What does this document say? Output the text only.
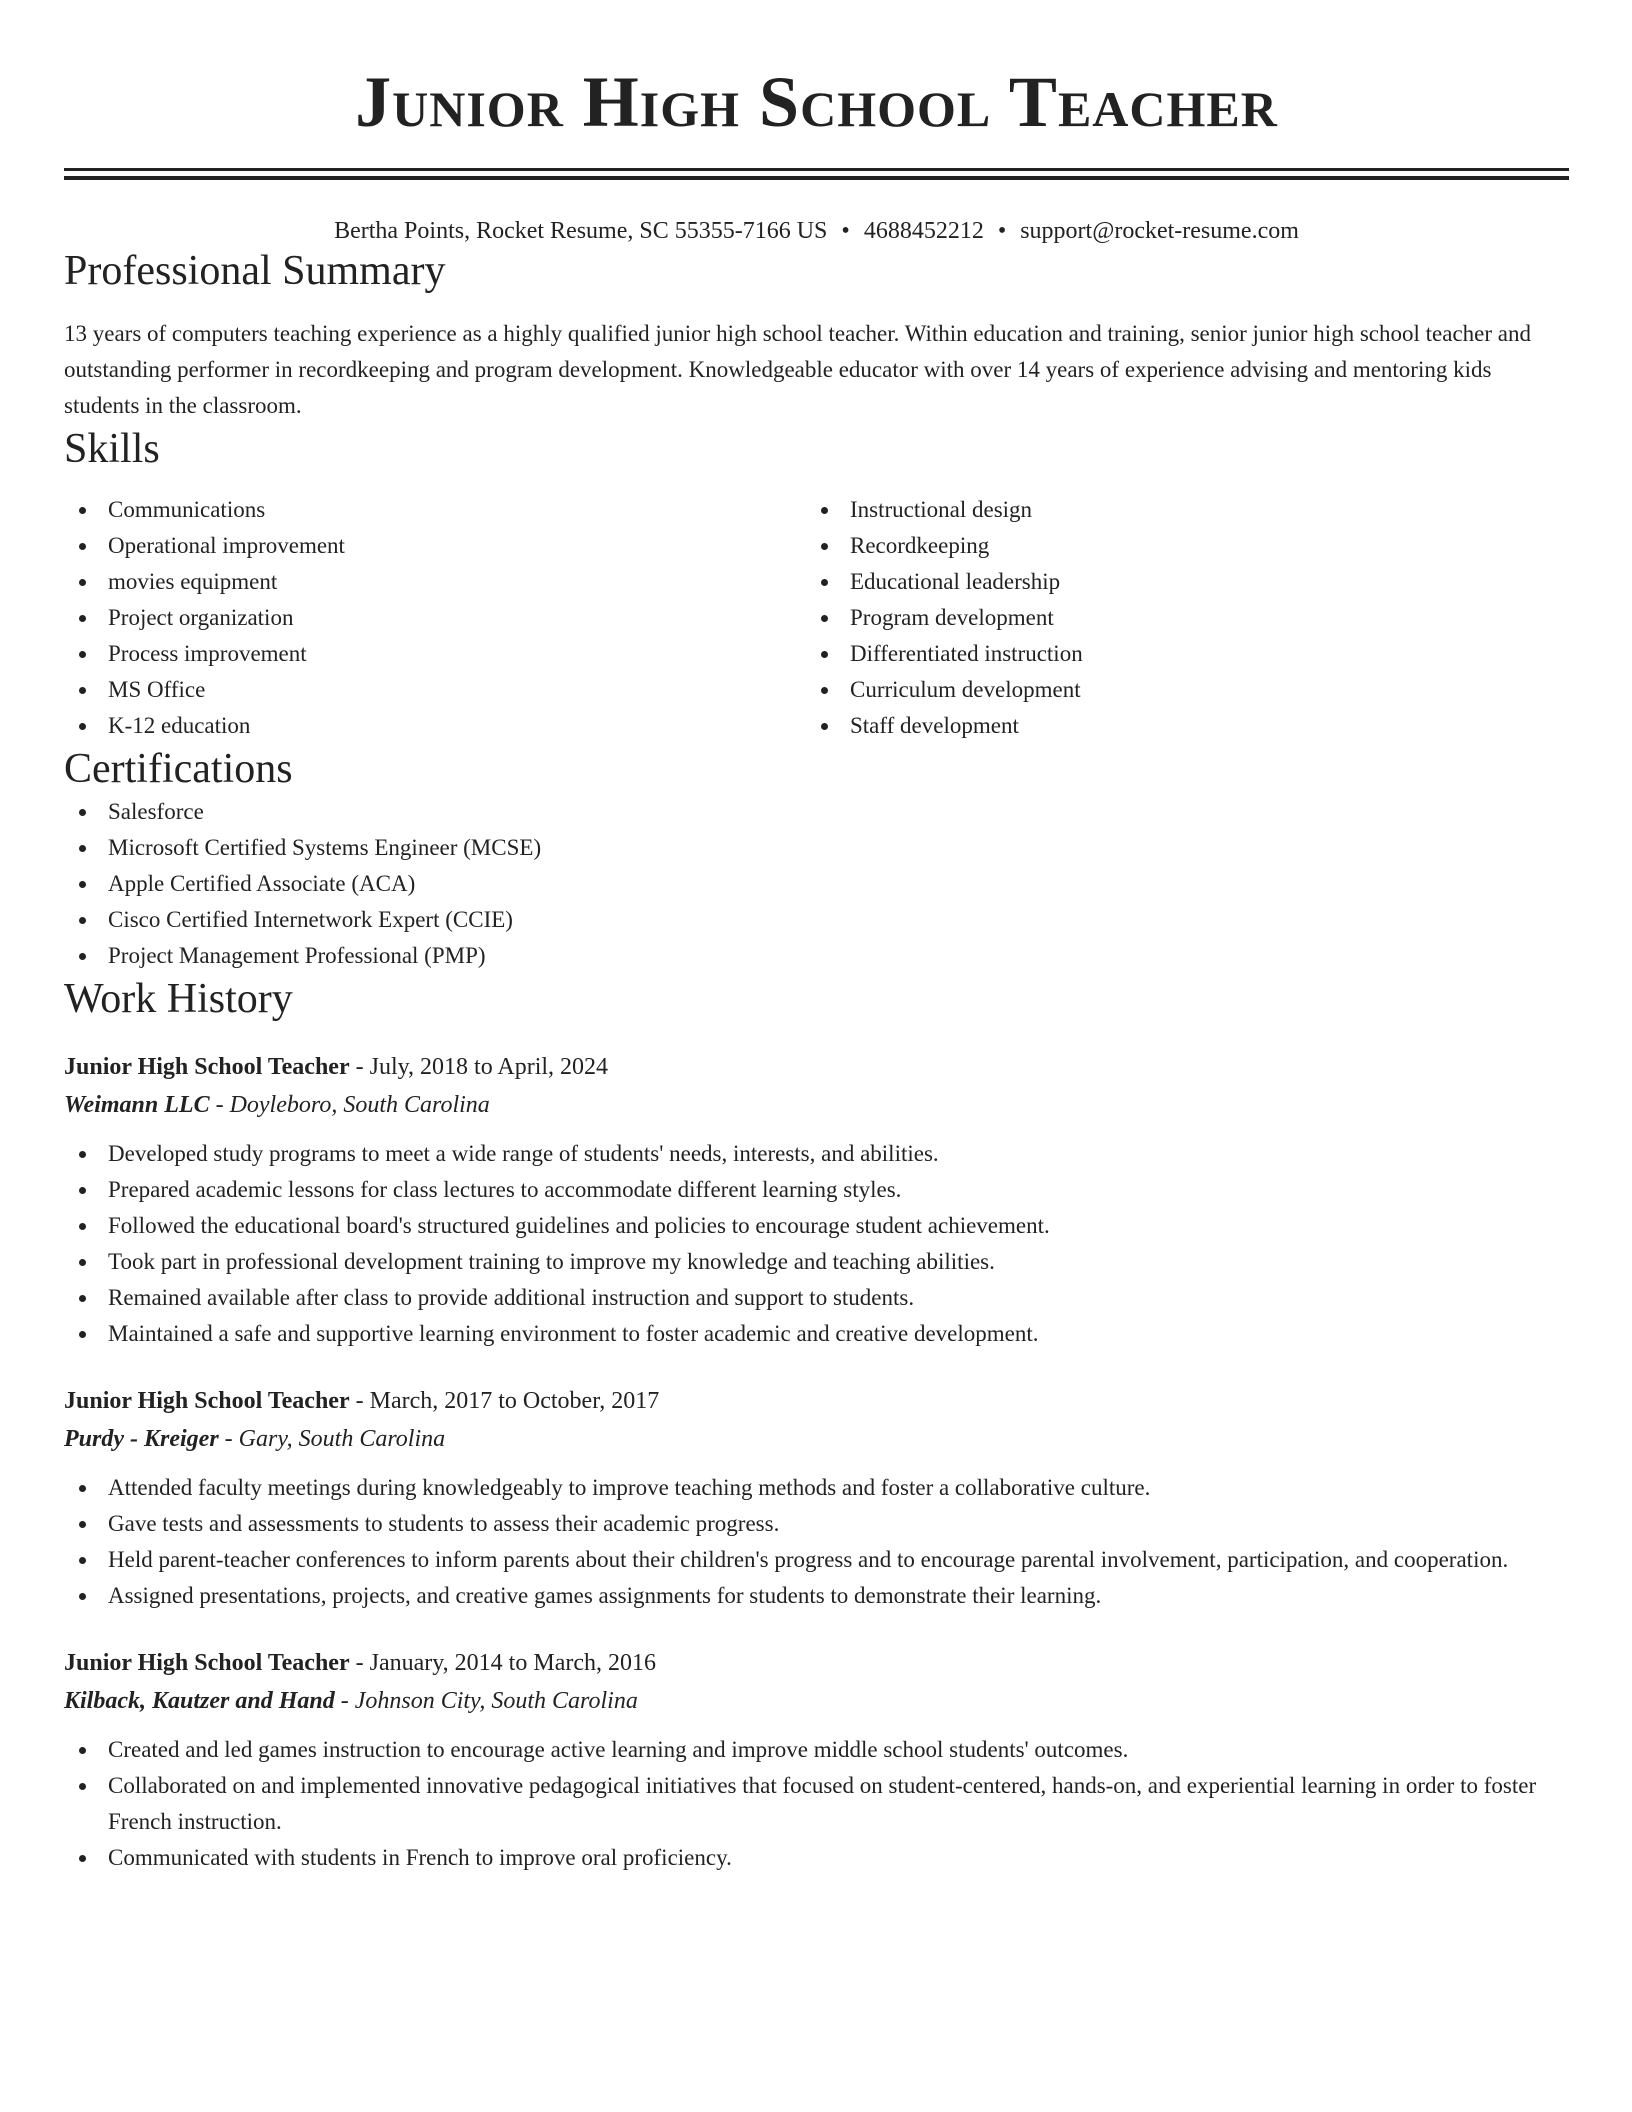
Junior High School Teacher
Bertha Points, Rocket Resume, SC 55355-7166 US • 4688452212 • support@rocket-resume.com
Professional Summary

13 years of computers teaching experience as a highly qualified junior high school teacher. Within education and training, senior junior high school teacher and outstanding performer in recordkeeping and program development. Knowledgeable educator with over 14 years of experience advising and mentoring kids students in the classroom.

Skills
Communications
Operational improvement
movies equipment
Project organization
Process improvement
MS Office
K-12 education
Instructional design
Recordkeeping
Educational leadership
Program development
Differentiated instruction
Curriculum development
Staff development
Certifications
Salesforce
Microsoft Certified Systems Engineer (MCSE)
Apple Certified Associate (ACA)
Cisco Certified Internetwork Expert (CCIE)
Project Management Professional (PMP)
Work History
Junior High School Teacher - July, 2018 to April, 2024
Weimann LLC - Doyleboro, South Carolina
Developed study programs to meet a wide range of students' needs, interests, and abilities.
Prepared academic lessons for class lectures to accommodate different learning styles.
Followed the educational board's structured guidelines and policies to encourage student achievement.
Took part in professional development training to improve my knowledge and teaching abilities.
Remained available after class to provide additional instruction and support to students.
Maintained a safe and supportive learning environment to foster academic and creative development.
Junior High School Teacher - March, 2017 to October, 2017
Purdy - Kreiger - Gary, South Carolina
Attended faculty meetings during knowledgeably to improve teaching methods and foster a collaborative culture.
Gave tests and assessments to students to assess their academic progress.
Held parent-teacher conferences to inform parents about their children's progress and to encourage parental involvement, participation, and cooperation.
Assigned presentations, projects, and creative games assignments for students to demonstrate their learning.
Junior High School Teacher - January, 2014 to March, 2016
Kilback, Kautzer and Hand - Johnson City, South Carolina
Created and led games instruction to encourage active learning and improve middle school students' outcomes.
Collaborated on and implemented innovative pedagogical initiatives that focused on student-centered, hands-on, and experiential learning in order to foster French instruction.
Communicated with students in French to improve oral proficiency.
